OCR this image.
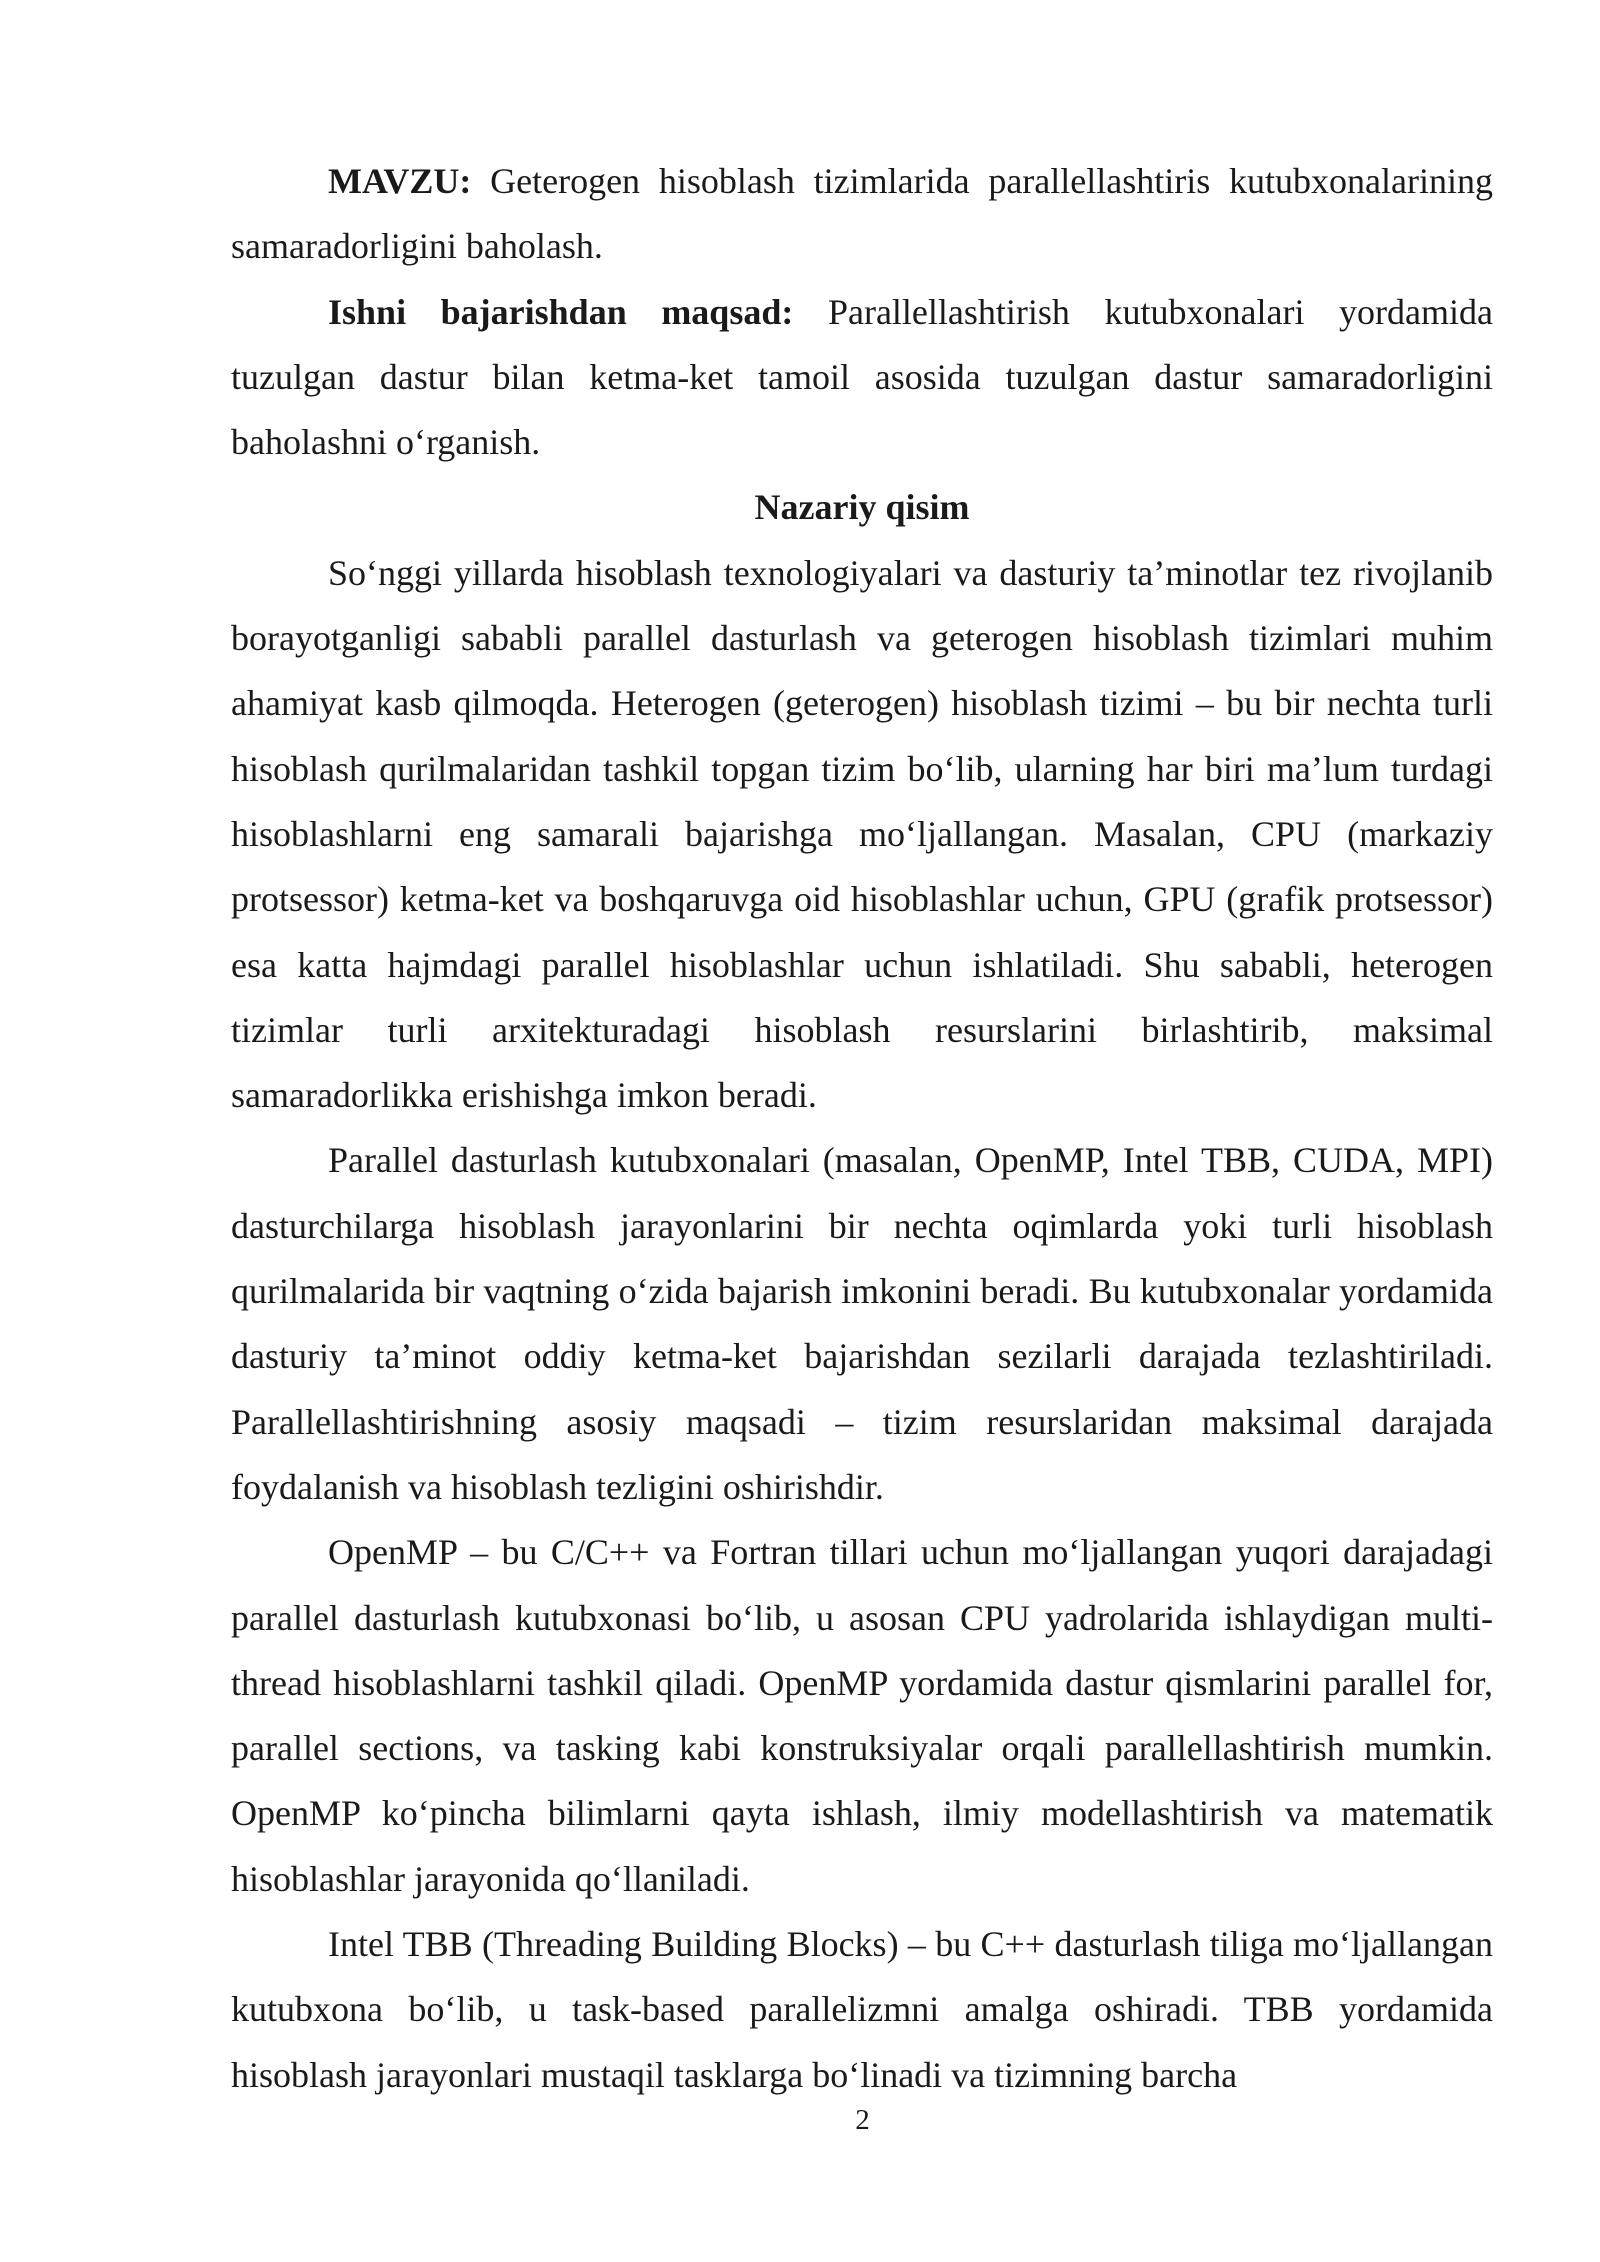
MAVZU: Geterogen hisoblash tizimlarida parallellashtiris kutubxonalarining samaradorligini baholash.

Ishni bajarishdan maqsad: Parallellashtirish kutubxonalari yordamida tuzulgan dastur bilan ketma-ket tamoil asosida tuzulgan dastur samaradorligini baholashni o‘rganish.

Nazariy qisim

So‘nggi yillarda hisoblash texnologiyalari va dasturiy ta’minotlar tez rivojlanib borayotganligi sababli parallel dasturlash va geterogen hisoblash tizimlari muhim ahamiyat kasb qilmoqda. Heterogen (geterogen) hisoblash tizimi – bu bir nechta turli hisoblash qurilmalaridan tashkil topgan tizim bo‘lib, ularning har biri ma’lum turdagi hisoblashlarni eng samarali bajarishga mo‘ljallangan. Masalan, CPU (markaziy protsessor) ketma-ket va boshqaruvga oid hisoblashlar uchun, GPU (grafik protsessor) esa katta hajmdagi parallel hisoblashlar uchun ishlatiladi. Shu sababli, heterogen tizimlar turli arxitekturadagi hisoblash resurslarini birlashtirib, maksimal samaradorlikka erishishga imkon beradi.

Parallel dasturlash kutubxonalari (masalan, OpenMP, Intel TBB, CUDA, MPI) dasturchilarga hisoblash jarayonlarini bir nechta oqimlarda yoki turli hisoblash qurilmalarida bir vaqtning o‘zida bajarish imkonini beradi. Bu kutubxonalar yordamida dasturiy ta’minot oddiy ketma-ket bajarishdan sezilarli darajada tezlashtiriladi. Parallellashtirishning asosiy maqsadi – tizim resurslaridan maksimal darajada foydalanish va hisoblash tezligini oshirishdir.

OpenMP – bu C/C++ va Fortran tillari uchun mo‘ljallangan yuqori darajadagi parallel dasturlash kutubxonasi bo‘lib, u asosan CPU yadrolarida ishlaydigan multi-thread hisoblashlarni tashkil qiladi. OpenMP yordamida dastur qismlarini parallel for, parallel sections, va tasking kabi konstruksiyalar orqali parallellashtirish mumkin. OpenMP ko‘pincha bilimlarni qayta ishlash, ilmiy modellashtirish va matematik hisoblashlar jarayonida qo‘llaniladi.

Intel TBB (Threading Building Blocks) – bu C++ dasturlash tiliga mo‘ljallangan kutubxona bo‘lib, u task-based parallelizmni amalga oshiradi. TBB yordamida hisoblash jarayonlari mustaqil tasklarga bo‘linadi va tizimning barcha

2
